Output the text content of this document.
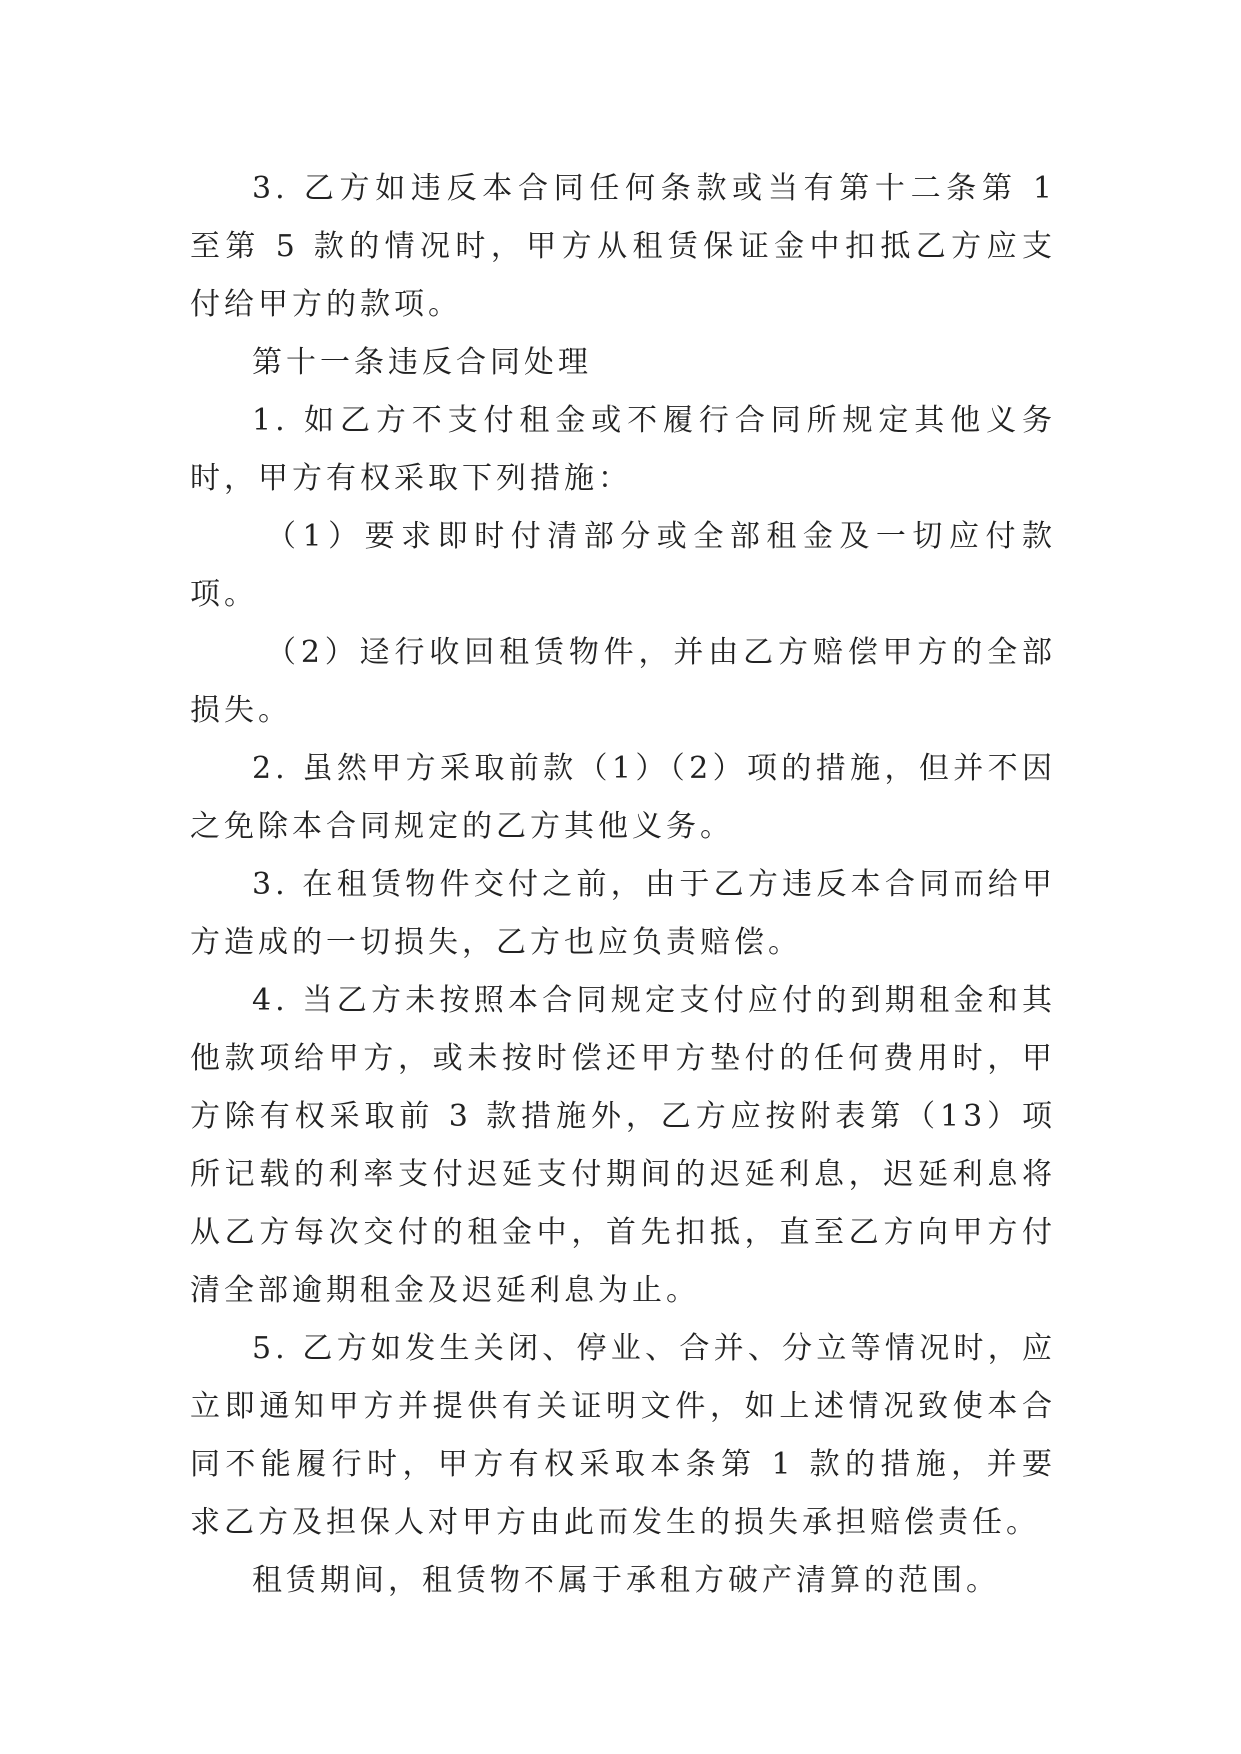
3. 乙方如违反本合同任何条款或当有第十二条第 1 至第 5 款的情况时，甲方从租赁保证金中扣抵乙方应支付给甲方的款项。

第十一条违反合同处理

1. 如乙方不支付租金或不履行合同所规定其他义务时，甲方有权采取下列措施：

（1）要求即时付清部分或全部租金及一切应付款项。

（2）迳行收回租赁物件，并由乙方赔偿甲方的全部损失。

2. 虽然甲方采取前款（1）（2）项的措施，但并不因之免除本合同规定的乙方其他义务。

3. 在租赁物件交付之前，由于乙方违反本合同而给甲方造成的一切损失，乙方也应负责赔偿。

4. 当乙方未按照本合同规定支付应付的到期租金和其他款项给甲方，或未按时偿还甲方垫付的任何费用时，甲方除有权采取前 3 款措施外，乙方应按附表第（13）项所记载的利率支付迟延支付期间的迟延利息，迟延利息将从乙方每次交付的租金中，首先扣抵，直至乙方向甲方付清全部逾期租金及迟延利息为止。

5. 乙方如发生关闭、停业、合并、分立等情况时，应立即通知甲方并提供有关证明文件，如上述情况致使本合同不能履行时，甲方有权采取本条第 1 款的措施，并要求乙方及担保人对甲方由此而发生的损失承担赔偿责任。

租赁期间，租赁物不属于承租方破产清算的范围。
